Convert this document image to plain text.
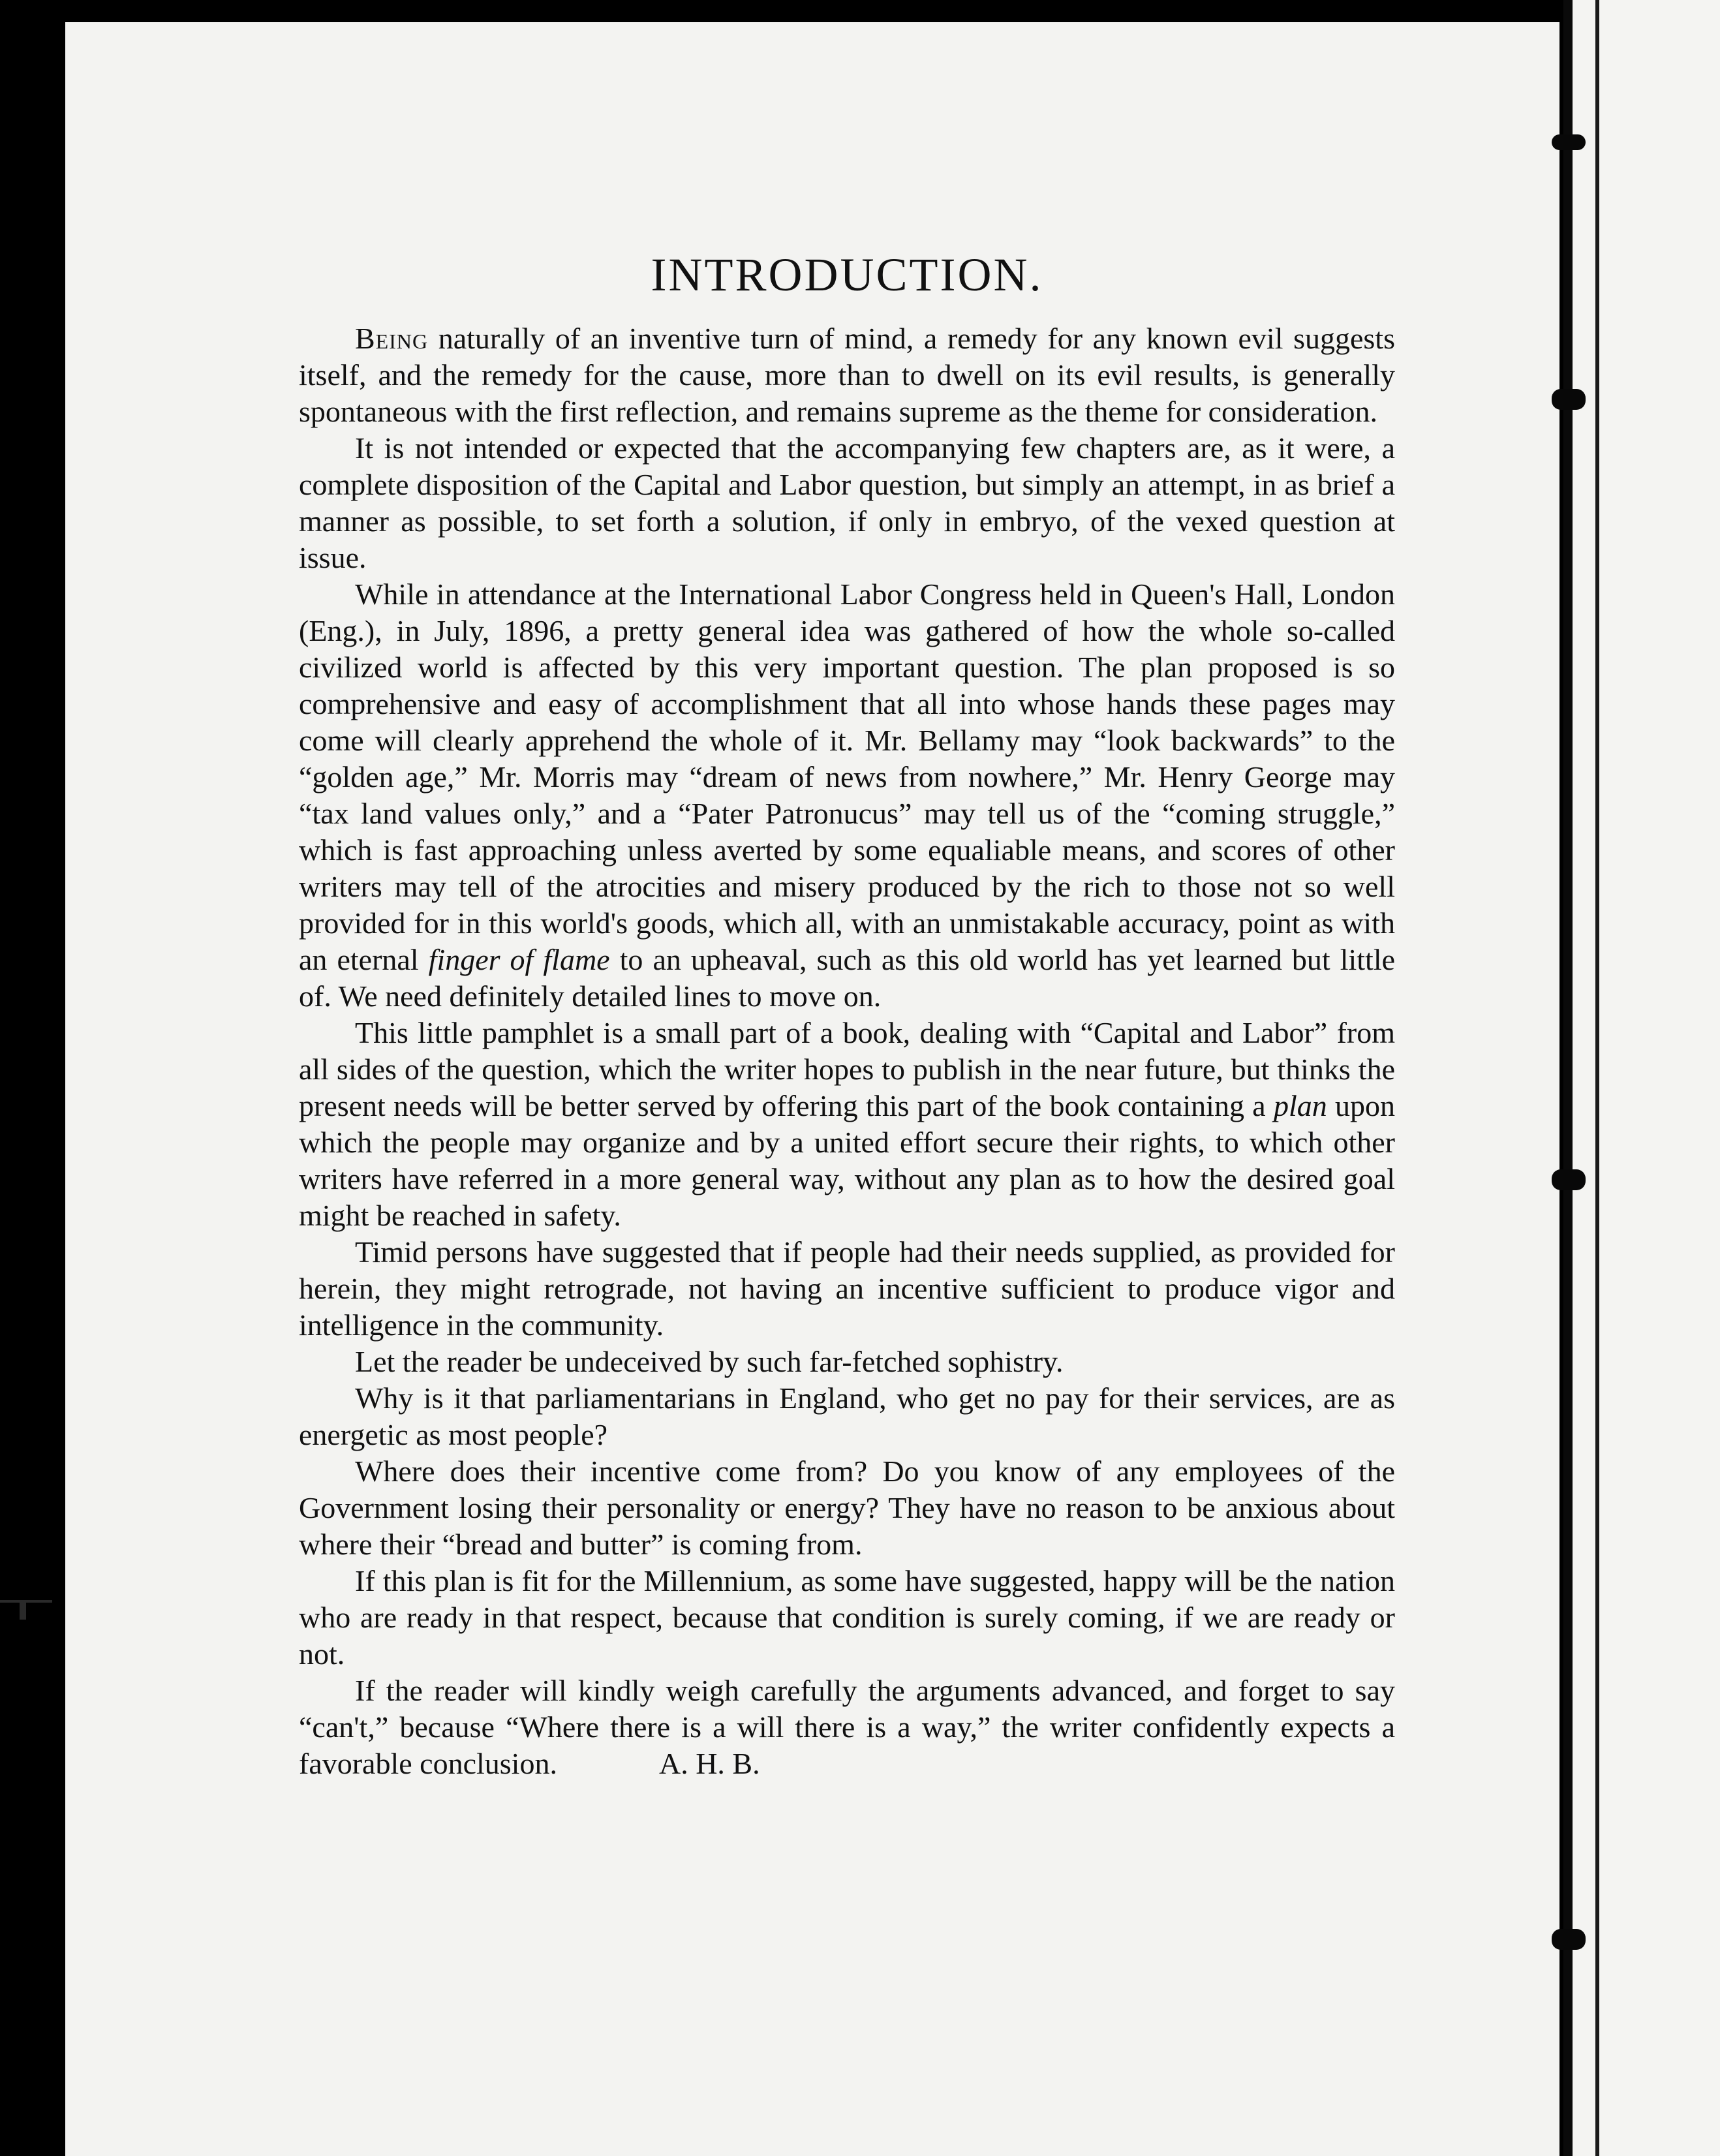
INTRODUCTION.

Being naturally of an inventive turn of mind, a remedy for any known evil suggests itself, and the remedy for the cause, more than to dwell on its evil results, is generally spontaneous with the first reflection, and remains supreme as the theme for consideration.

It is not intended or expected that the accompanying few chapters are, as it were, a complete disposition of the Capital and Labor question, but simply an attempt, in as brief a manner as possible, to set forth a solution, if only in embryo, of the vexed question at issue.

While in attendance at the International Labor Congress held in Queen's Hall, London (Eng.), in July, 1896, a pretty general idea was gathered of how the whole so-called civilized world is affected by this very important question. The plan proposed is so comprehensive and easy of accomplishment that all into whose hands these pages may come will clearly apprehend the whole of it. Mr. Bellamy may “look backwards” to the “golden age,” Mr. Morris may “dream of news from nowhere,” Mr. Henry George may “tax land values only,” and a “Pater Patronucus” may tell us of the “coming struggle,” which is fast approaching unless averted by some equaliable means, and scores of other writers may tell of the atrocities and misery produced by the rich to those not so well provided for in this world's goods, which all, with an unmistakable accuracy, point as with an eternal finger of flame to an upheaval, such as this old world has yet learned but little of. We need definitely detailed lines to move on.

This little pamphlet is a small part of a book, dealing with “Capital and Labor” from all sides of the question, which the writer hopes to publish in the near future, but thinks the present needs will be better served by offering this part of the book containing a plan upon which the people may organize and by a united effort secure their rights, to which other writers have referred in a more general way, without any plan as to how the desired goal might be reached in safety.

Timid persons have suggested that if people had their needs supplied, as provided for herein, they might retrograde, not having an incentive sufficient to produce vigor and intelligence in the community.

Let the reader be undeceived by such far-fetched sophistry.

Why is it that parliamentarians in England, who get no pay for their services, are as energetic as most people?

Where does their incentive come from? Do you know of any employees of the Government losing their personality or energy? They have no reason to be anxious about where their “bread and butter” is coming from.

If this plan is fit for the Millennium, as some have suggested, happy will be the nation who are ready in that respect, because that condition is surely coming, if we are ready or not.

If the reader will kindly weigh carefully the arguments advanced, and forget to say “can't,” because “Where there is a will there is a way,” the writer confidently expects a favorable conclusion.	A. H. B.
